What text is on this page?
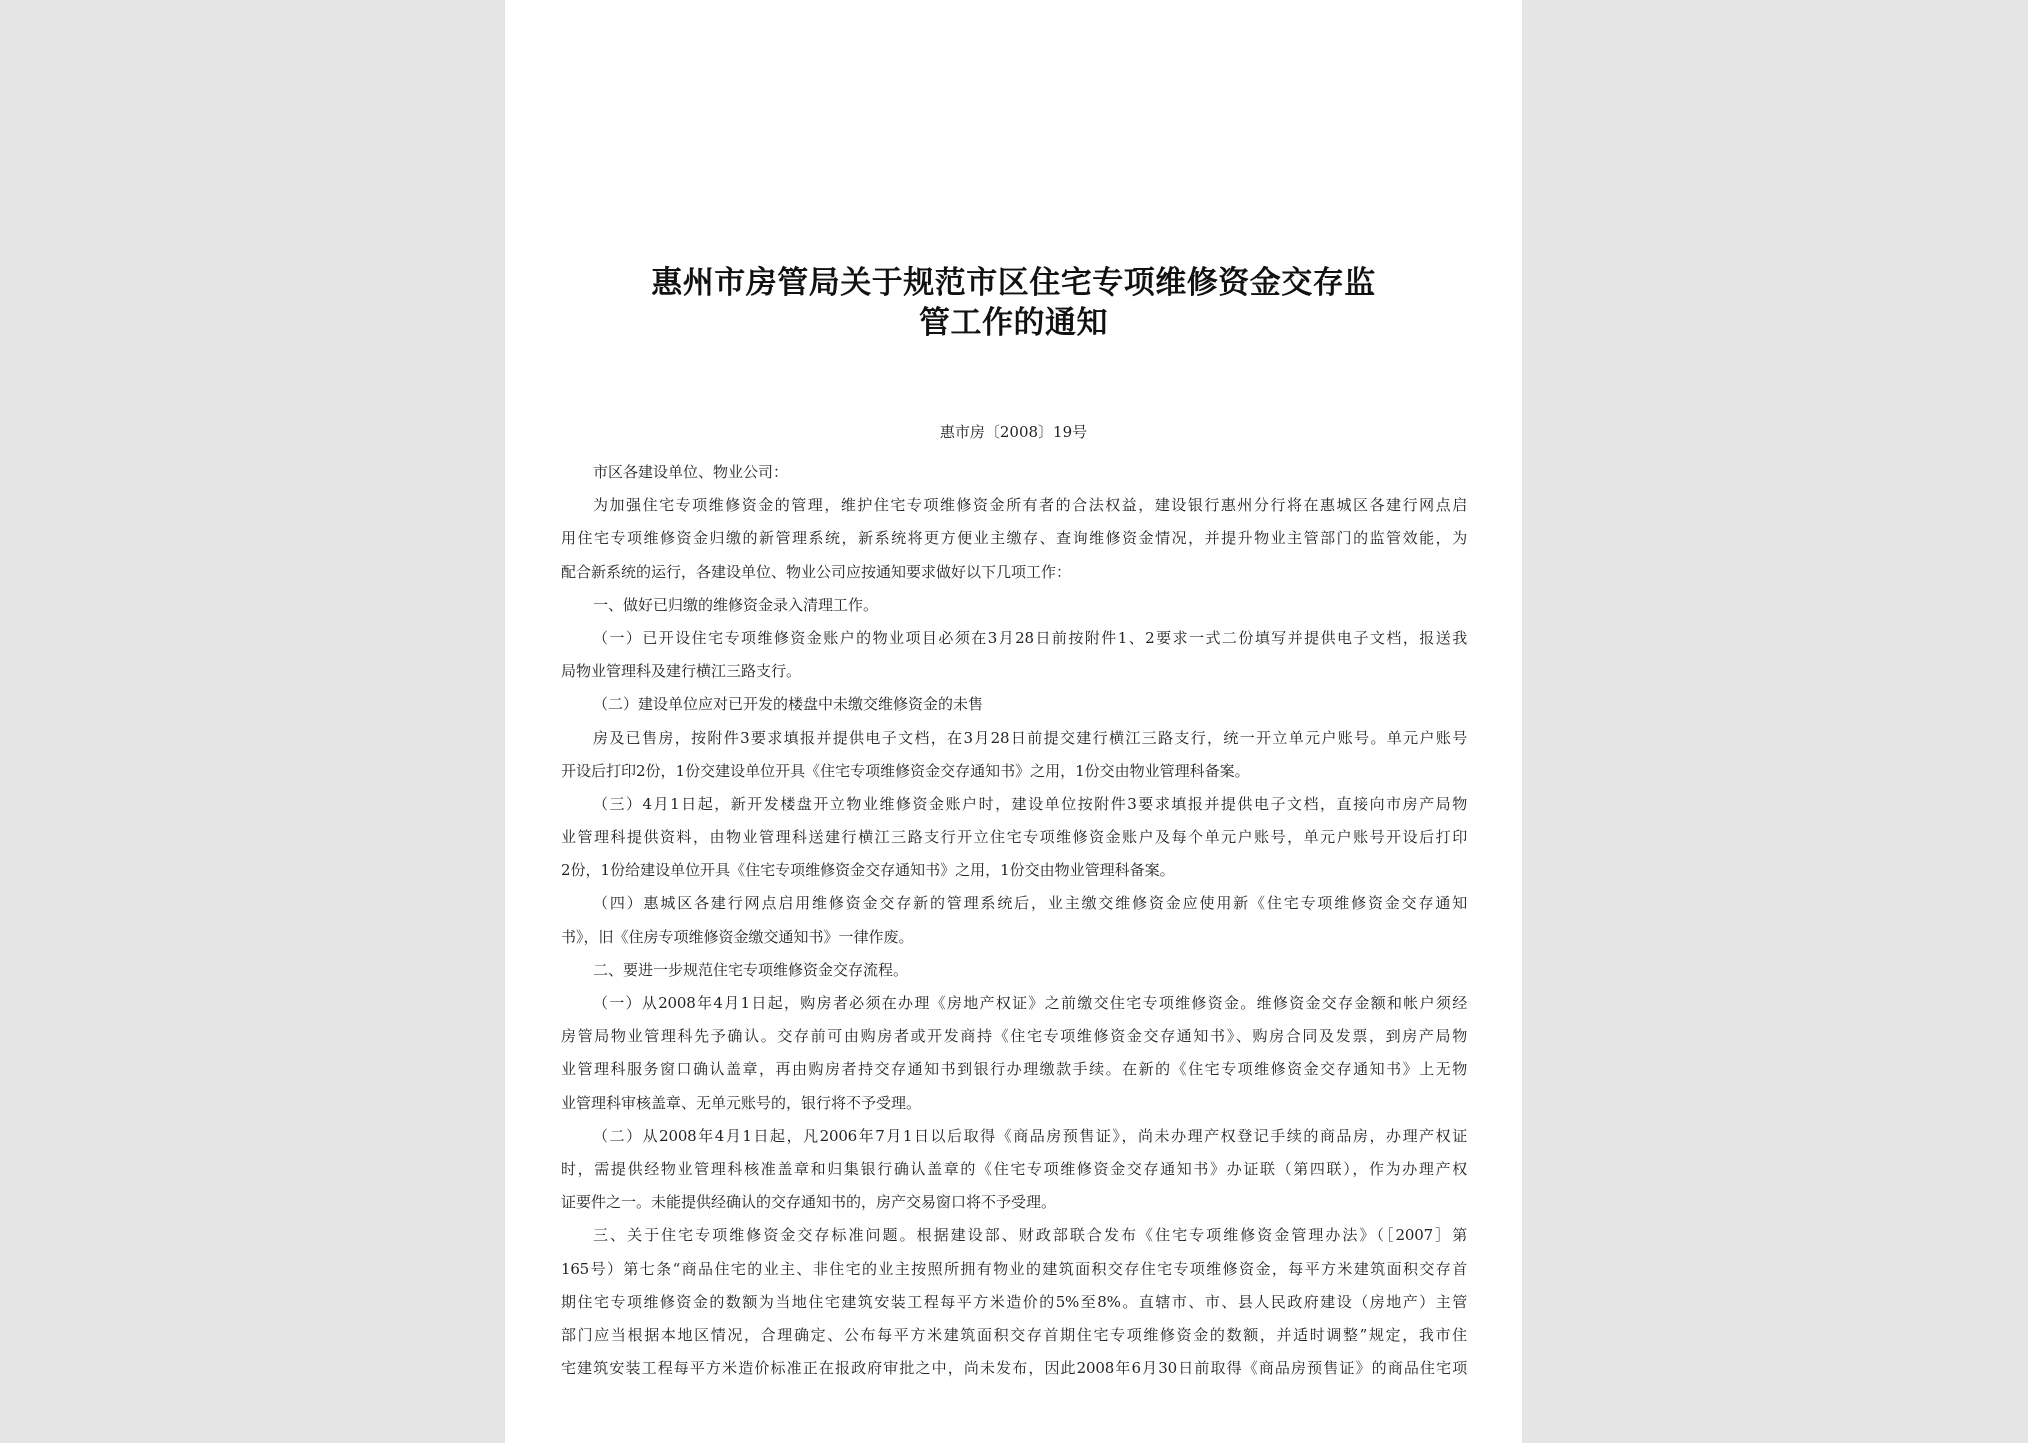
惠州市房管局关于规范市区住宅专项维修资金交存监
管工作的通知
惠市房〔2008〕19号
市区各建设单位、物业公司：
为加强住宅专项维修资金的管理，维护住宅专项维修资金所有者的合法权益，建设银行惠州分行将在惠城区各建行网点启
用住宅专项维修资金归缴的新管理系统，新系统将更方便业主缴存、查询维修资金情况，并提升物业主管部门的监管效能，为
配合新系统的运行，各建设单位、物业公司应按通知要求做好以下几项工作：
一、做好已归缴的维修资金录入清理工作。
（一）已开设住宅专项维修资金账户的物业项目必须在3月28日前按附件1、2要求一式二份填写并提供电子文档，报送我
局物业管理科及建行横江三路支行。
（二）建设单位应对已开发的楼盘中未缴交维修资金的未售
房及已售房，按附件3要求填报并提供电子文档，在3月28日前提交建行横江三路支行，统一开立单元户账号。单元户账号
开设后打印2份，1份交建设单位开具《住宅专项维修资金交存通知书》之用，1份交由物业管理科备案。
（三）4月1日起，新开发楼盘开立物业维修资金账户时，建设单位按附件3要求填报并提供电子文档，直接向市房产局物
业管理科提供资料，由物业管理科送建行横江三路支行开立住宅专项维修资金账户及每个单元户账号，单元户账号开设后打印
2份，1份给建设单位开具《住宅专项维修资金交存通知书》之用，1份交由物业管理科备案。
（四）惠城区各建行网点启用维修资金交存新的管理系统后，业主缴交维修资金应使用新《住宅专项维修资金交存通知
书》，旧《住房专项维修资金缴交通知书》一律作废。
二、要进一步规范住宅专项维修资金交存流程。
（一）从2008年4月1日起，购房者必须在办理《房地产权证》之前缴交住宅专项维修资金。维修资金交存金额和帐户须经
房管局物业管理科先予确认。交存前可由购房者或开发商持《住宅专项维修资金交存通知书》、购房合同及发票，到房产局物
业管理科服务窗口确认盖章，再由购房者持交存通知书到银行办理缴款手续。在新的《住宅专项维修资金交存通知书》上无物
业管理科审核盖章、无单元账号的，银行将不予受理。
（二）从2008年4月1日起，凡2006年7月1日以后取得《商品房预售证》，尚未办理产权登记手续的商品房，办理产权证
时，需提供经物业管理科核准盖章和归集银行确认盖章的《住宅专项维修资金交存通知书》办证联（第四联），作为办理产权
证要件之一。未能提供经确认的交存通知书的，房产交易窗口将不予受理。
三、关于住宅专项维修资金交存标准问题。根据建设部、财政部联合发布《住宅专项维修资金管理办法》（［2007］第
165号）第七条“商品住宅的业主、非住宅的业主按照所拥有物业的建筑面积交存住宅专项维修资金，每平方米建筑面积交存首
期住宅专项维修资金的数额为当地住宅建筑安装工程每平方米造价的5%至8%。直辖市、市、县人民政府建设（房地产）主管
部门应当根据本地区情况，合理确定、公布每平方米建筑面积交存首期住宅专项维修资金的数额，并适时调整”规定，我市住
宅建筑安装工程每平方米造价标准正在报政府审批之中，尚未发布，因此2008年6月30日前取得《商品房预售证》的商品住宅项
